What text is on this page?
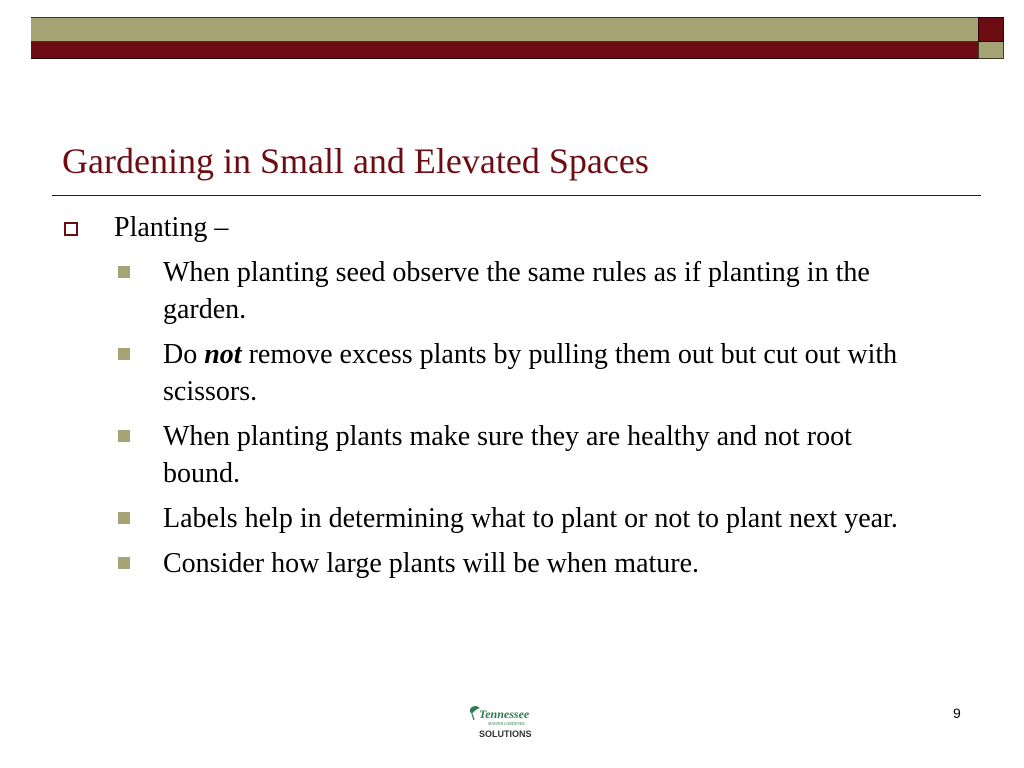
Gardening in Small and Elevated Spaces
Planting –
When planting seed observe the same rules as if planting in the garden.
Do not remove excess plants by pulling them out but cut out with scissors.
When planting plants make sure they are healthy and not root bound.
Labels help in determining what to plant or not to plant next year.
Consider how large plants will be when mature.
Tennessee
MASTER GARDENER
SOLUTIONS
9
